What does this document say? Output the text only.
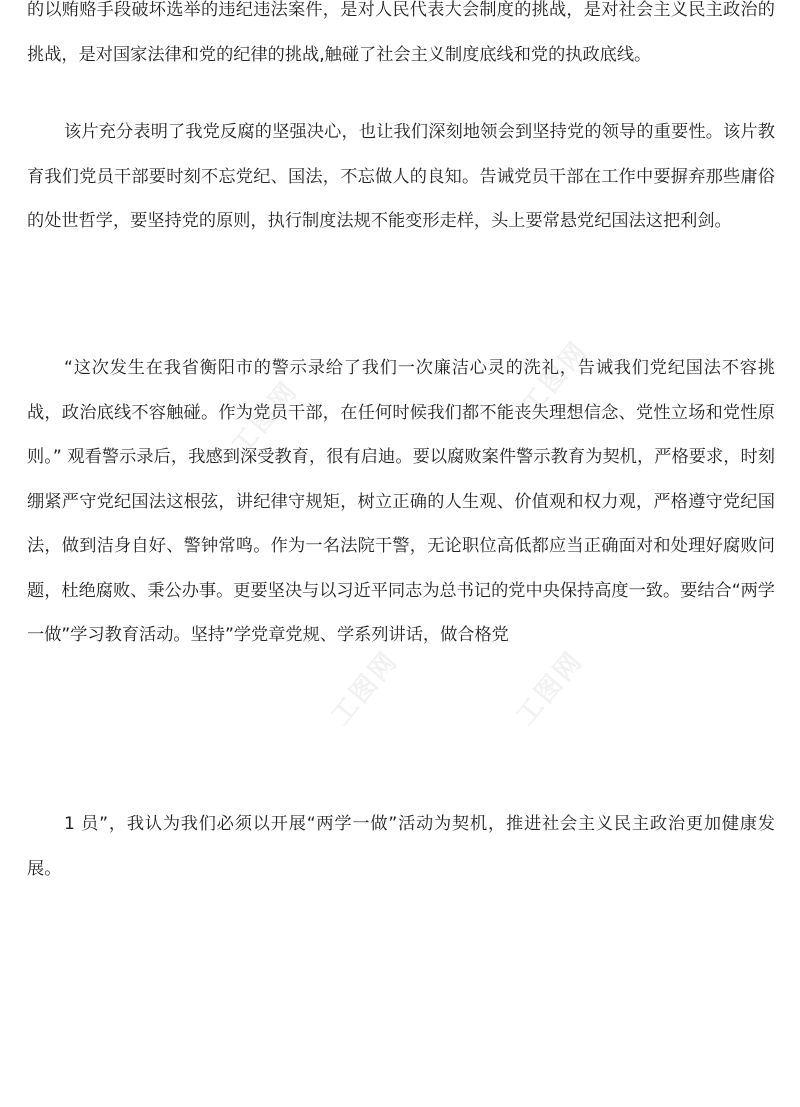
的以贿赂手段破坏选举的违纪违法案件，是对人民代表大会制度的挑战，是对社会主义民主政治的挑战，是对国家法律和党的纪律的挑战,触碰了社会主义制度底线和党的执政底线。

该片充分表明了我党反腐的坚强决心，也让我们深刻地领会到坚持党的领导的重要性。该片教育我们党员干部要时刻不忘党纪、国法，不忘做人的良知。告诫党员干部在工作中要摒弃那些庸俗的处世哲学，要坚持党的原则，执行制度法规不能变形走样，头上要常悬党纪国法这把利剑。

“这次发生在我省衡阳市的警示录给了我们一次廉洁心灵的洗礼，告诫我们党纪国法不容挑战，政治底线不容触碰。作为党员干部，在任何时候我们都不能丧失理想信念、党性立场和党性原则。” 观看警示录后，我感到深受教育，很有启迪。要以腐败案件警示教育为契机，严格要求，时刻绷紧严守党纪国法这根弦，讲纪律守规矩，树立正确的人生观、价值观和权力观，严格遵守党纪国法，做到洁身自好、警钟常鸣。作为一名法院干警，无论职位高低都应当正确面对和处理好腐败问题，杜绝腐败、秉公办事。更要坚决与以习近平同志为总书记的党中央保持高度一致。要结合“两学一做”学习教育活动。坚持”学党章党规、学系列讲话，做合格党

1 员”，我认为我们必须以开展“两学一做”活动为契机，推进社会主义民主政治更加健康发展。

工图网	工图网
工图网	工图网
